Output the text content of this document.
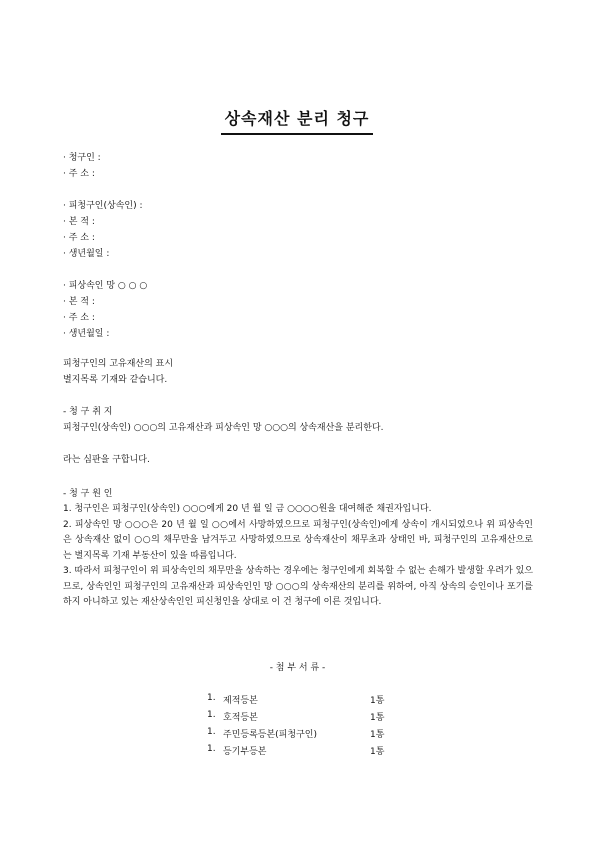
상속재산 분리 청구
· 청구인 :
· 주 소 :
· 피청구인(상속인) :
· 본 적 :
· 주 소 :
· 생년월일 :
· 피상속인 망 ○ ○ ○
· 본 적 :
· 주 소 :
· 생년월일 :
피청구인의 고유재산의 표시
별지목록 기재와 같습니다.
- 청 구 취 지
피청구인(상속인) ○○○의 고유재산과 피상속인 망 ○○○의 상속재산을 분리한다.
라는 심판을 구합니다.
- 청 구 원 인

1. 청구인은 피청구인(상속인) ○○○에게 20 년 월 일 금 ○○○○원을 대여해준 채권자입니다.

2. 피상속인 망 ○○○은 20 년 월 일 ○○에서 사망하였으므로 피청구인(상속인)에게 상속이 개시되었으나 위 피상속인은 상속재산 없이 ○○의 채무만을 남겨두고 사망하였으므로 상속재산이 채무초과 상태인 바, 피청구인의 고유재산으로는 별지목록 기재 부동산이 있을 따름입니다.

3. 따라서 피청구인이 위 피상속인의 채무만을 상속하는 경우에는 청구인에게 회복할 수 없는 손해가 발생할 우려가 있으므로, 상속인인 피청구인의 고유재산과 피상속인인 망 ○○○의 상속재산의 분리를 위하여, 아직 상속의 승인이나 포기를 하지 아니하고 있는 재산상속인인 피신청인을 상대로 이 건 청구에 이른 것입니다.

- 첨 부 서 류 -
1. 제적등본	1통
1. 호적등본	1통
1. 주민등록등본(피청구인)	1통
1. 등기부등본	1통
